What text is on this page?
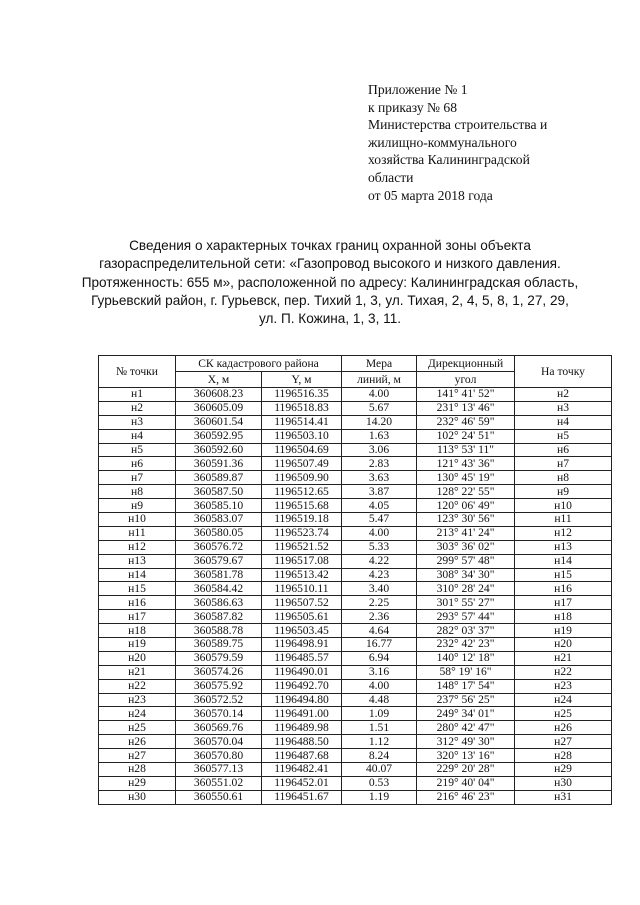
Приложение № 1
к приказу № 68
Министерства строительства и
жилищно-коммунального
хозяйства Калининградской
области
от 05 марта 2018 года
Сведения о характерных точках границ охранной зоны объекта
газораспределительной сети: «Газопровод высокого и низкого давления.
Протяженность: 655 м», расположенной по адресу: Калининградская область,
Гурьевский район, г. Гурьевск, пер. Тихий 1, 3, ул. Тихая, 2, 4, 5, 8, 1, 27, 29,
ул. П. Кожина, 1, 3, 11.
№ точки	СК кадастрового района		Мера	Дирекционный	На точку
	X, м	Y, м	линий, м	угол	
н1	360608.23	1196516.35	4.00	141° 41' 52"	н2
н2	360605.09	1196518.83	5.67	231° 13' 46"	н3
н3	360601.54	1196514.41	14.20	232° 46' 59"	н4
н4	360592.95	1196503.10	1.63	102° 24' 51"	н5
н5	360592.60	1196504.69	3.06	113° 53' 11"	н6
н6	360591.36	1196507.49	2.83	121° 43' 36"	н7
н7	360589.87	1196509.90	3.63	130° 45' 19"	н8
н8	360587.50	1196512.65	3.87	128° 22' 55"	н9
н9	360585.10	1196515.68	4.05	120° 06' 49"	н10
н10	360583.07	1196519.18	5.47	123° 30' 56"	н11
н11	360580.05	1196523.74	4.00	213° 41' 24"	н12
н12	360576.72	1196521.52	5.33	303° 36' 02"	н13
н13	360579.67	1196517.08	4.22	299° 57' 48"	н14
н14	360581.78	1196513.42	4.23	308° 34' 30"	н15
н15	360584.42	1196510.11	3.40	310° 28' 24"	н16
н16	360586.63	1196507.52	2.25	301° 55' 27"	н17
н17	360587.82	1196505.61	2.36	293° 57' 44"	н18
н18	360588.78	1196503.45	4.64	282° 03' 37"	н19
н19	360589.75	1196498.91	16.77	232° 42' 23"	н20
н20	360579.59	1196485.57	6.94	140° 12' 18"	н21
н21	360574.26	1196490.01	3.16	58° 19' 16"	н22
н22	360575.92	1196492.70	4.00	148° 17' 54"	н23
н23	360572.52	1196494.80	4.48	237° 56' 25"	н24
н24	360570.14	1196491.00	1.09	249° 34' 01"	н25
н25	360569.76	1196489.98	1.51	280° 42' 47"	н26
н26	360570.04	1196488.50	1.12	312° 49' 30"	н27
н27	360570.80	1196487.68	8.24	320° 13' 16"	н28
н28	360577.13	1196482.41	40.07	229° 20' 28"	н29
н29	360551.02	1196452.01	0.53	219° 40' 04"	н30
н30	360550.61	1196451.67	1.19	216° 46' 23"	н31
